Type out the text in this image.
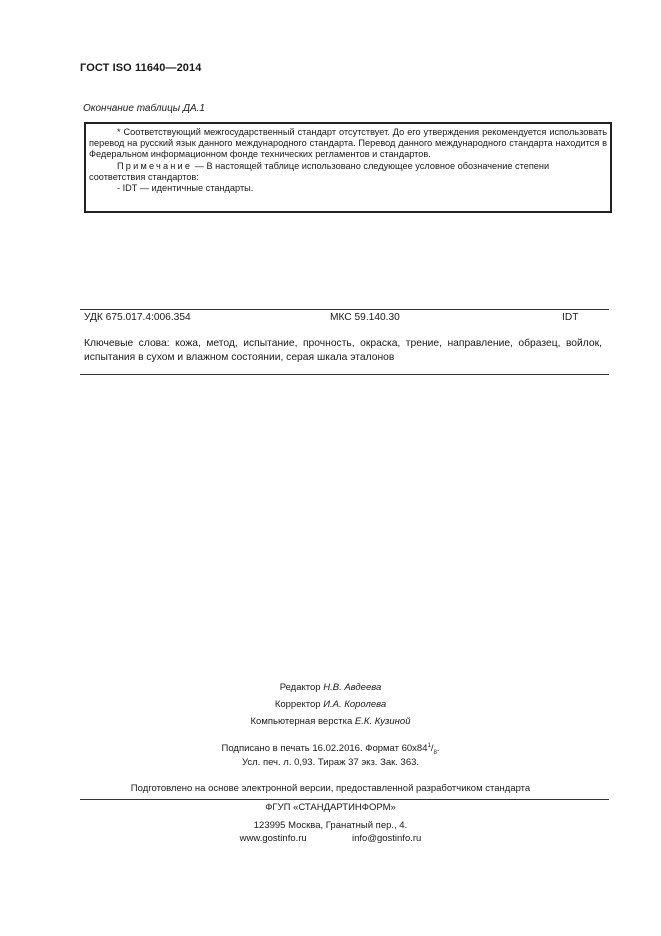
ГОСТ ISO 11640—2014
Окончание таблицы ДА.1

* Соответствующий межгосударственный стандарт отсутствует. До его утверждения рекомендуется использовать перевод на русский язык данного международного стандарта. Перевод данного международного стандарта находится в Федеральном информационном фонде технических регламентов и стандартов.

Примечание — В настоящей таблице использовано следующее условное обозначение степени соответствия стандартов:

- IDT — идентичные стандарты.

УДК 675.017.4:006.354	МКС 59.140.30	IDT
Ключевые слова: кожа, метод, испытание, прочность, окраска, трение, направление, образец, войлок, испытания в сухом и влажном состоянии, серая шкала эталонов
Редактор Н.В. Авдеева
Корректор И.А. Королева
Компьютерная верстка Е.К. Кузиной
Подписано в печать 16.02.2016. Формат $60x84^1/_8$.
Усл. печ. л. 0,93. Тираж 37 экз. Зак. 363.
Подготовлено на основе электронной версии, предоставленной разработчиком стандарта
ФГУП «СТАНДАРТИНФОРМ»
123995 Москва, Гранатный пер., 4.
www.gostinfo.ru	info@gostinfo.ru
